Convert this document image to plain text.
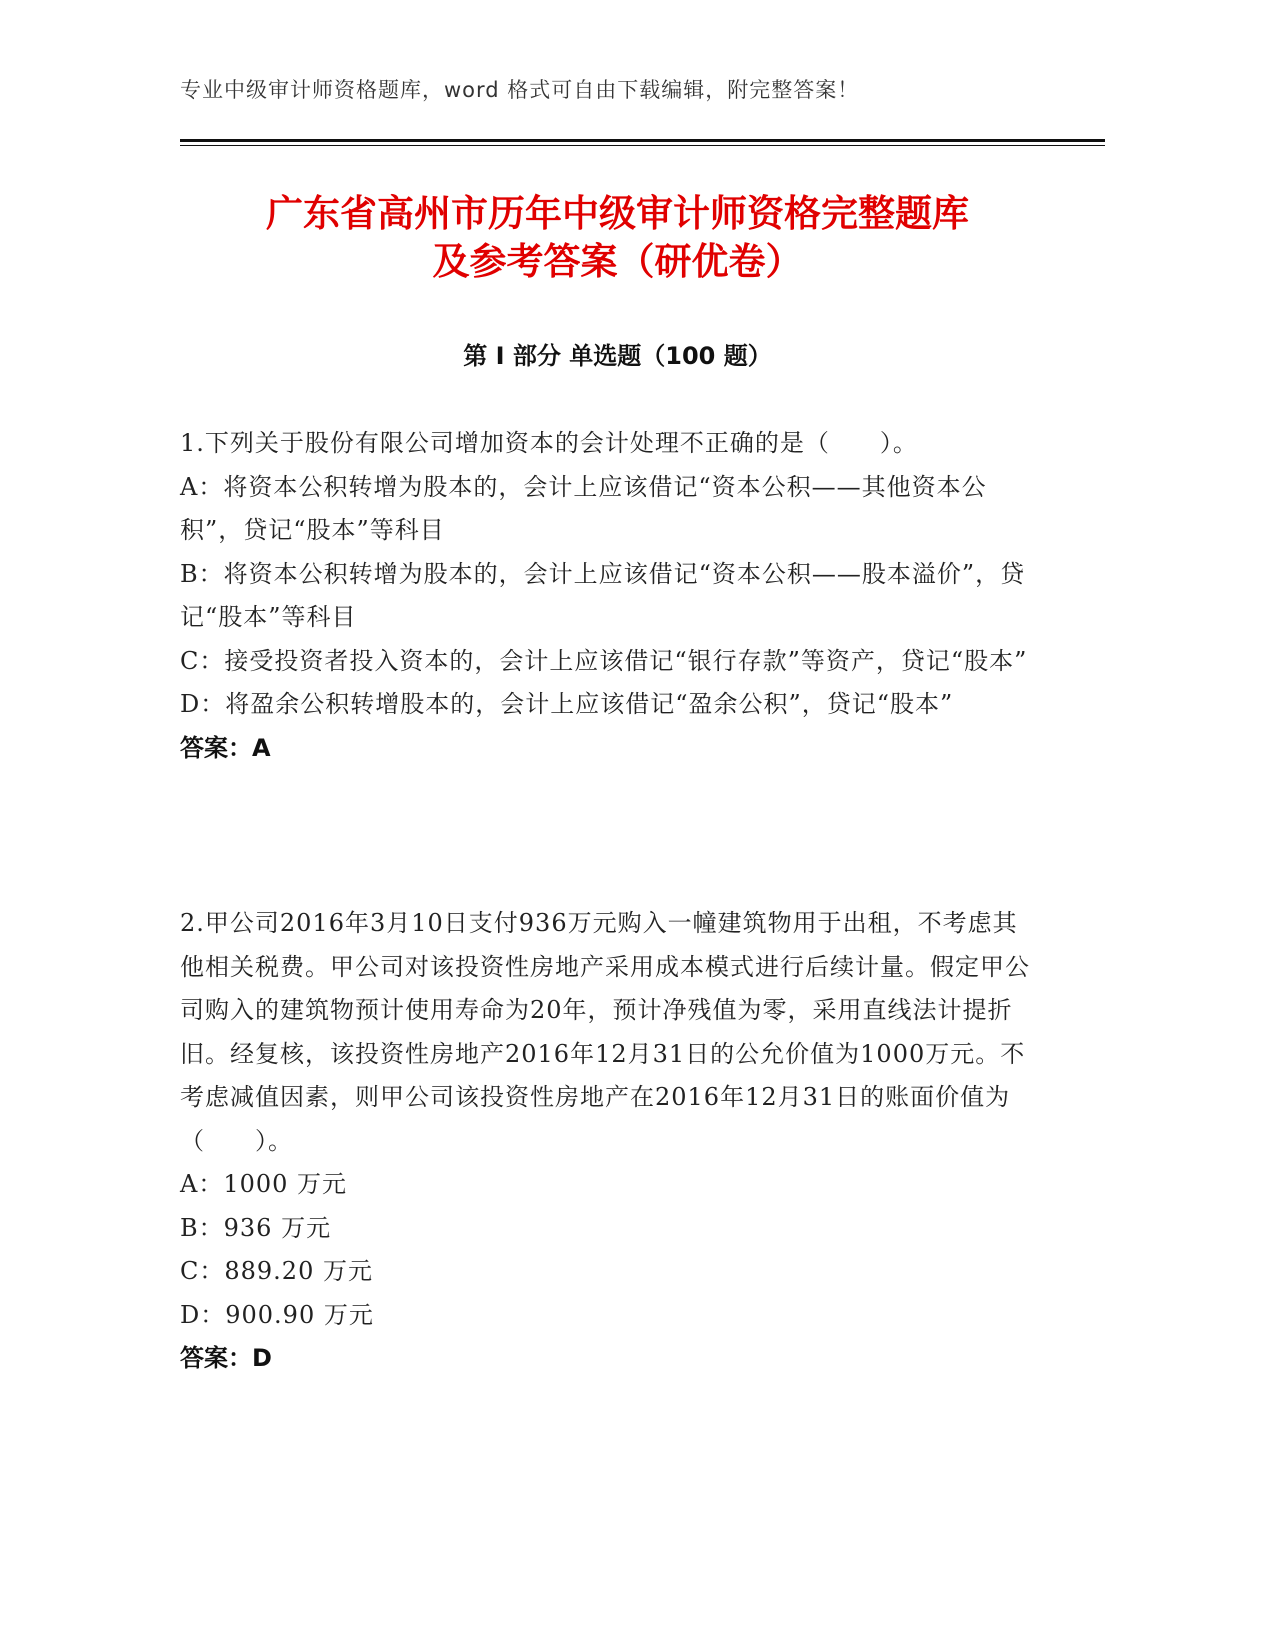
专业中级审计师资格题库，word 格式可自由下载编辑，附完整答案！
广东省高州市历年中级审计师资格完整题库
及参考答案（研优卷）
第 I 部分 单选题（100 题）

1.下列关于股份有限公司增加资本的会计处理不正确的是（　　）。

A：将资本公积转增为股本的，会计上应该借记“资本公积——其他资本公积”，贷记“股本”等科目

B：将资本公积转增为股本的，会计上应该借记“资本公积——股本溢价”，贷记“股本”等科目

C：接受投资者投入资本的，会计上应该借记“银行存款”等资产，贷记“股本”

D：将盈余公积转增股本的，会计上应该借记“盈余公积”，贷记“股本”

答案：A

2.甲公司2016年3月10日支付936万元购入一幢建筑物用于出租，不考虑其他相关税费。甲公司对该投资性房地产采用成本模式进行后续计量。假定甲公司购入的建筑物预计使用寿命为20年，预计净残值为零，采用直线法计提折旧。经复核，该投资性房地产2016年12月31日的公允价值为1000万元。不考虑减值因素，则甲公司该投资性房地产在2016年12月31日的账面价值为（　　）。

A：1000 万元

B：936 万元

C：889.20 万元

D：900.90 万元

答案：D
